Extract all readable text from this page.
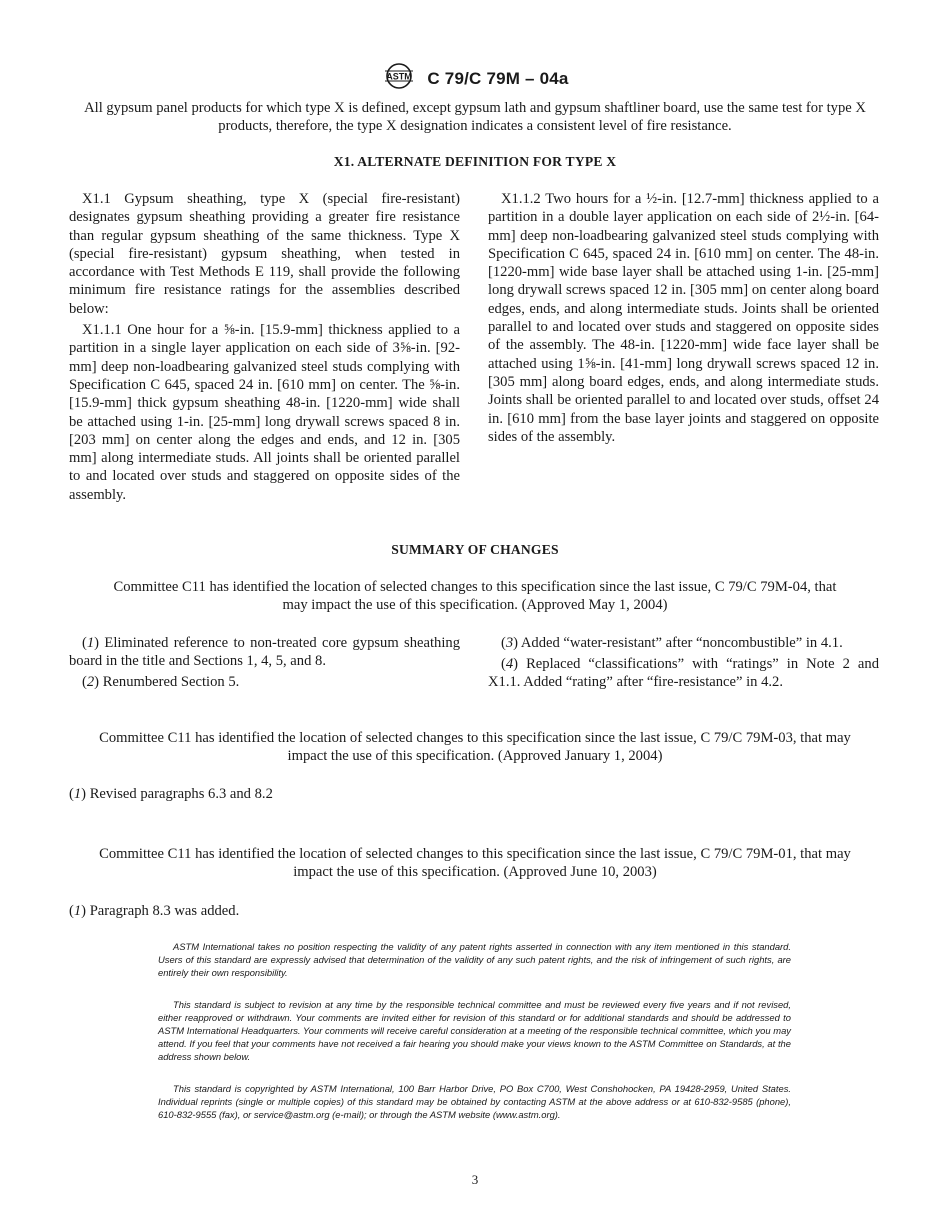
ASTM C 79/C 79M – 04a

All gypsum panel products for which type X is defined, except gypsum lath and gypsum shaftliner board, use the same test for type X products, therefore, the type X designation indicates a consistent level of fire resistance.

X1. ALTERNATE DEFINITION FOR TYPE X

X1.1 Gypsum sheathing, type X (special fire-resistant) designates gypsum sheathing providing a greater fire resistance than regular gypsum sheathing of the same thickness. Type X (special fire-resistant) gypsum sheathing, when tested in accordance with Test Methods E 119, shall provide the following minimum fire resistance ratings for the assemblies described below:

X1.1.1 One hour for a ⅝-in. [15.9-mm] thickness applied to a partition in a single layer application on each side of 3⅝-in. [92-mm] deep non-loadbearing galvanized steel studs complying with Specification C 645, spaced 24 in. [610 mm] on center. The ⅝-in. [15.9-mm] thick gypsum sheathing 48-in. [1220-mm] wide shall be attached using 1-in. [25-mm] long drywall screws spaced 8 in. [203 mm] on center along the edges and ends, and 12 in. [305 mm] along intermediate studs. All joints shall be oriented parallel to and located over studs and staggered on opposite sides of the assembly.

X1.1.2 Two hours for a ½-in. [12.7-mm] thickness applied to a partition in a double layer application on each side of 2½-in. [64-mm] deep non-loadbearing galvanized steel studs complying with Specification C 645, spaced 24 in. [610 mm] on center. The 48-in. [1220-mm] wide base layer shall be attached using 1-in. [25-mm] long drywall screws spaced 12 in. [305 mm] on center along board edges, ends, and along intermediate studs. Joints shall be oriented parallel to and located over studs and staggered on opposite sides of the assembly. The 48-in. [1220-mm] wide face layer shall be attached using 1⅝-in. [41-mm] long drywall screws spaced 12 in. [305 mm] along board edges, ends, and along intermediate studs. Joints shall be oriented parallel to and located over studs, offset 24 in. [610 mm] from the base layer joints and staggered on opposite sides of the assembly.

SUMMARY OF CHANGES

Committee C11 has identified the location of selected changes to this specification since the last issue, C 79/C 79M-04, that may impact the use of this specification. (Approved May 1, 2004)

(1) Eliminated reference to non-treated core gypsum sheathing board in the title and Sections 1, 4, 5, and 8.

(2) Renumbered Section 5.

(3) Added “water-resistant” after “noncombustible” in 4.1.

(4) Replaced “classifications” with “ratings” in Note 2 and X1.1. Added “rating” after “fire-resistance” in 4.2.

Committee C11 has identified the location of selected changes to this specification since the last issue, C 79/C 79M-03, that may impact the use of this specification. (Approved January 1, 2004)

(1) Revised paragraphs 6.3 and 8.2

Committee C11 has identified the location of selected changes to this specification since the last issue, C 79/C 79M-01, that may impact the use of this specification. (Approved June 10, 2003)

(1) Paragraph 8.3 was added.

ASTM International takes no position respecting the validity of any patent rights asserted in connection with any item mentioned in this standard. Users of this standard are expressly advised that determination of the validity of any such patent rights, and the risk of infringement of such rights, are entirely their own responsibility.

This standard is subject to revision at any time by the responsible technical committee and must be reviewed every five years and if not revised, either reapproved or withdrawn. Your comments are invited either for revision of this standard or for additional standards and should be addressed to ASTM International Headquarters. Your comments will receive careful consideration at a meeting of the responsible technical committee, which you may attend. If you feel that your comments have not received a fair hearing you should make your views known to the ASTM Committee on Standards, at the address shown below.

This standard is copyrighted by ASTM International, 100 Barr Harbor Drive, PO Box C700, West Conshohocken, PA 19428-2959, United States. Individual reprints (single or multiple copies) of this standard may be obtained by contacting ASTM at the above address or at 610-832-9585 (phone), 610-832-9555 (fax), or service@astm.org (e-mail); or through the ASTM website (www.astm.org).

3
